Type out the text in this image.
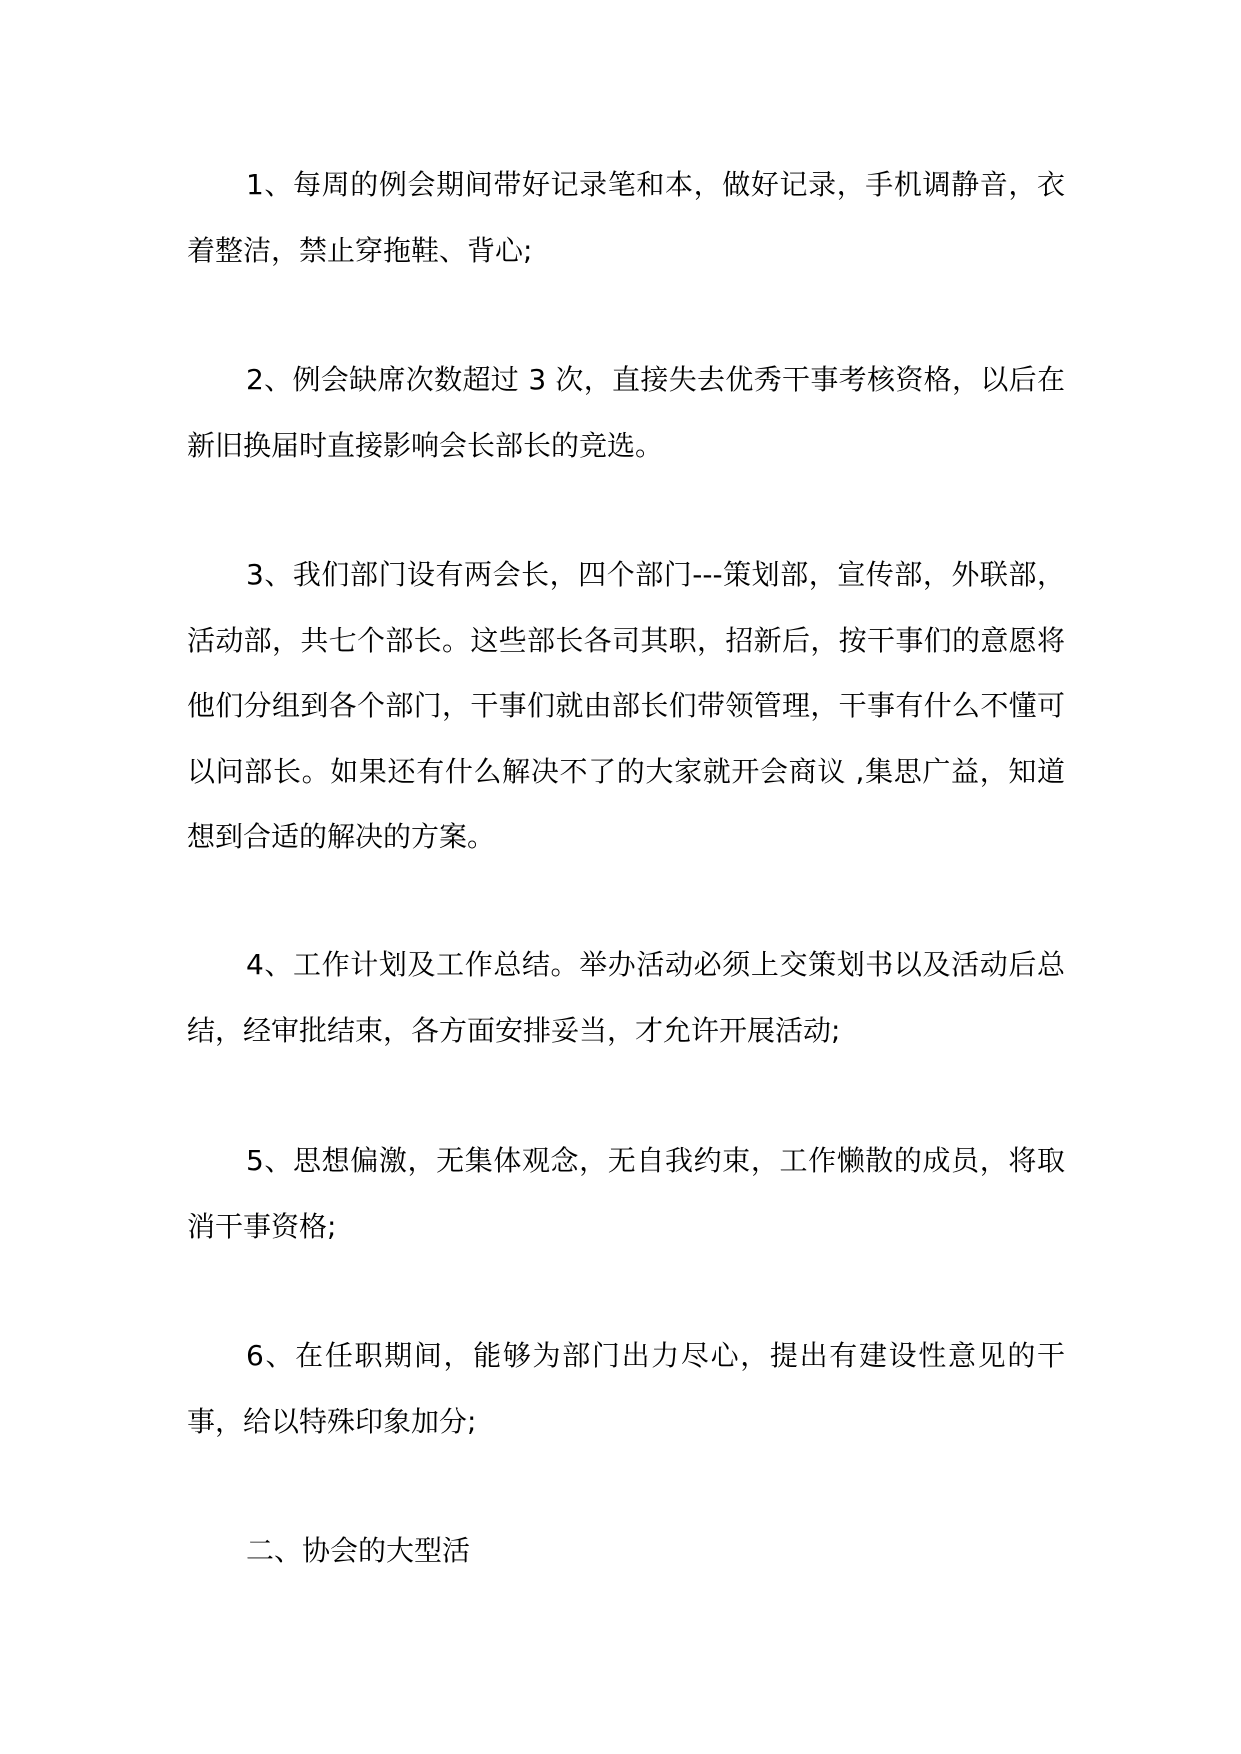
1、每周的例会期间带好记录笔和本，做好记录，手机调静音，衣着整洁，禁止穿拖鞋、背心;

2、例会缺席次数超过 3 次，直接失去优秀干事考核资格，以后在新旧换届时直接影响会长部长的竞选。

3、我们部门设有两会长，四个部门---策划部，宣传部，外联部，活动部，共七个部长。这些部长各司其职，招新后，按干事们的意愿将他们分组到各个部门，干事们就由部长们带领管理，干事有什么不懂可以问部长。如果还有什么解决不了的大家就开会商议 ,集思广益，知道想到合适的解决的方案。

4、工作计划及工作总结。举办活动必须上交策划书以及活动后总结，经审批结束，各方面安排妥当，才允许开展活动;

5、思想偏激，无集体观念，无自我约束，工作懒散的成员，将取消干事资格;

6、在任职期间，能够为部门出力尽心，提出有建设性意见的干事，给以特殊印象加分;

二、协会的大型活
